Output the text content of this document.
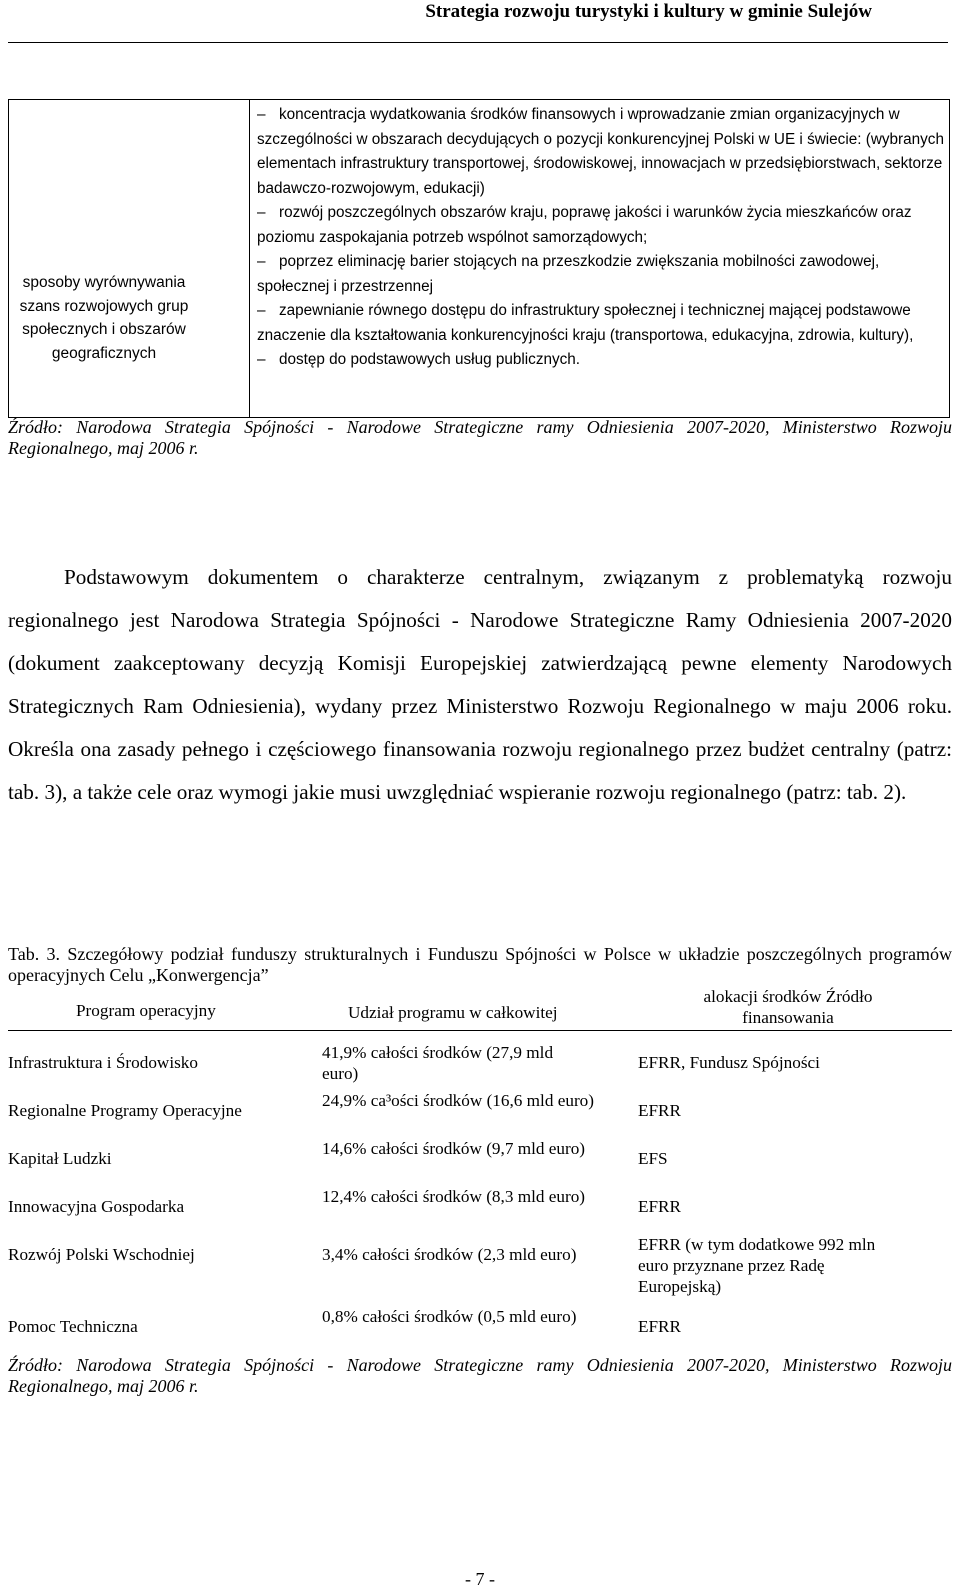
Strategia rozwoju turystyki i kultury w gminie Sulejów
sposoby wyrównywania szans rozwojowych grup społecznych i obszarów geograficznych

– koncentracja wydatkowania środków finansowych i wprowadzanie zmian organizacyjnych w szczególności w obszarach decydujących o pozycji konkurencyjnej Polski w UE i świecie: (wybranych elementach infrastruktury transportowej, środowiskowej, innowacjach w przedsiębiorstwach, sektorze badawczo-rozwojowym, edukacji)

– rozwój poszczególnych obszarów kraju, poprawę jakości i warunków życia mieszkańców oraz poziomu zaspokajania potrzeb wspólnot samorządowych;

– poprzez eliminację barier stojących na przeszkodzie zwiększania mobilności zawodowej, społecznej i przestrzennej

– zapewnianie równego dostępu do infrastruktury społecznej i technicznej mającej podstawowe znaczenie dla kształtowania konkurencyjności kraju (transportowa, edukacyjna, zdrowia, kultury),

– dostęp do podstawowych usług publicznych.

Źródło: Narodowa Strategia Spójności - Narodowe Strategiczne ramy Odniesienia 2007-2020, Ministerstwo Rozwoju Regionalnego, maj 2006 r.
Podstawowym dokumentem o charakterze centralnym, związanym z problematyką rozwoju regionalnego jest Narodowa Strategia Spójności - Narodowe Strategiczne Ramy Odniesienia 2007-2020 (dokument zaakceptowany decyzją Komisji Europejskiej zatwierdzającą pewne elementy Narodowych Strategicznych Ram Odniesienia), wydany przez Ministerstwo Rozwoju Regionalnego w maju 2006 roku. Określa ona zasady pełnego i częściowego finansowania rozwoju regionalnego przez budżet centralny (patrz: tab. 3), a także cele oraz wymogi jakie musi uwzględniać wspieranie rozwoju regionalnego (patrz: tab. 2).
Tab. 3. Szczegółowy podział funduszy strukturalnych i Funduszu Spójności w Polsce w układzie poszczególnych programów operacyjnych Celu „Konwergencja”
Program operacyjny	Udział programu w całkowitej
alokacji środków Źródło finansowania
Infrastruktura i Środowisko
41,9% całości środków (27,9 mld euro)
EFRR, Fundusz Spójności
Regionalne Programy Operacyjne
24,9% ca³ości środków (16,6 mld euro)
EFRR
Kapitał Ludzki
14,6% całości środków (9,7 mld euro)
EFS
Innowacyjna Gospodarka
12,4% całości środków (8,3 mld euro)
EFRR
Rozwój Polski Wschodniej	3,4% całości środków (2,3 mld euro)
EFRR (w tym dodatkowe 992 mln euro przyznane przez Radę Europejską)
Pomoc Techniczna
0,8% całości środków (0,5 mld euro)
EFRR
Źródło: Narodowa Strategia Spójności - Narodowe Strategiczne ramy Odniesienia 2007-2020, Ministerstwo Rozwoju Regionalnego, maj 2006 r.
- 7 -
